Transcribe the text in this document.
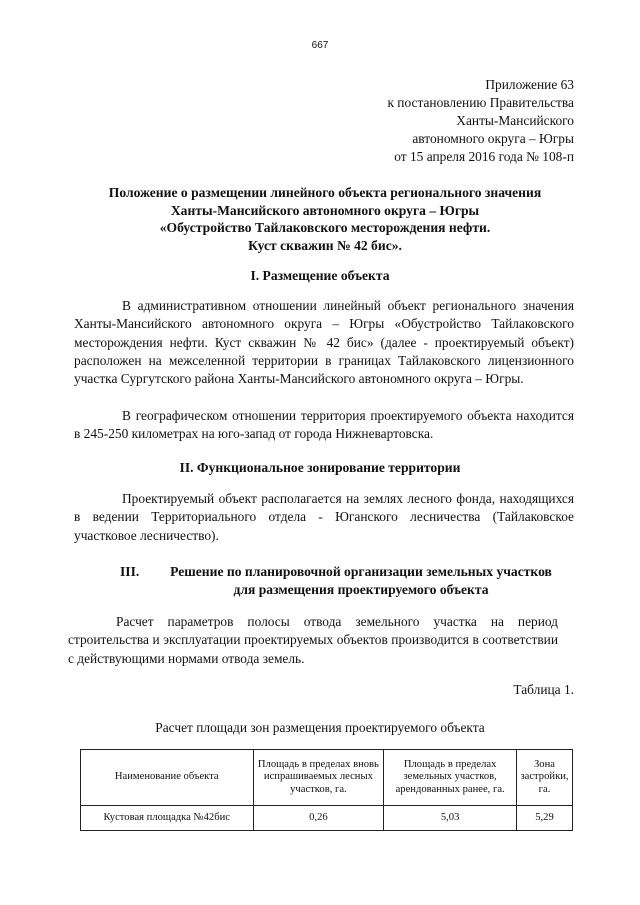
667
Приложение 63
к постановлению Правительства
Ханты-Мансийского
автономного округа – Югры
от 15 апреля 2016 года № 108-п
Положение о размещении линейного объекта регионального значения
Ханты-Мансийского автономного округа – Югры
«Обустройство Тайлаковского месторождения нефти.
Куст скважин № 42 бис».
I. Размещение объекта
В административном отношении линейный объект регионального значения Ханты-Мансийского автономного округа – Югры «Обустройство Тайлаковского месторождения нефти. Куст скважин № 42 бис» (далее - проектируемый объект) расположен на межселенной территории в границах Тайлаковского лицензионного участка Сургутского района Ханты-Мансийского автономного округа – Югры.
В географическом отношении территория проектируемого объекта находится в 245-250 километрах на юго-запад от города Нижневартовска.
II. Функциональное зонирование территории
Проектируемый объект располагается на землях лесного фонда, находящихся в ведении Территориального отдела - Юганского лесничества (Тайлаковское участковое лесничество).
III.	Решение по планировочной организации земельных участков
для размещения проектируемого объекта
Расчет параметров полосы отвода земельного участка на период строительства и эксплуатации проектируемых объектов производится в соответствии с действующими нормами отвода земель.
Таблица 1.
Расчет площади зон размещения проектируемого объекта
Наименование объекта	Площадь в пределах вновь испрашиваемых лесных участков, га.	Площадь в пределах земельных участков, арендованных ранее, га.	Зона застройки, га.
Кустовая площадка №42бис	0,26	5,03	5,29
